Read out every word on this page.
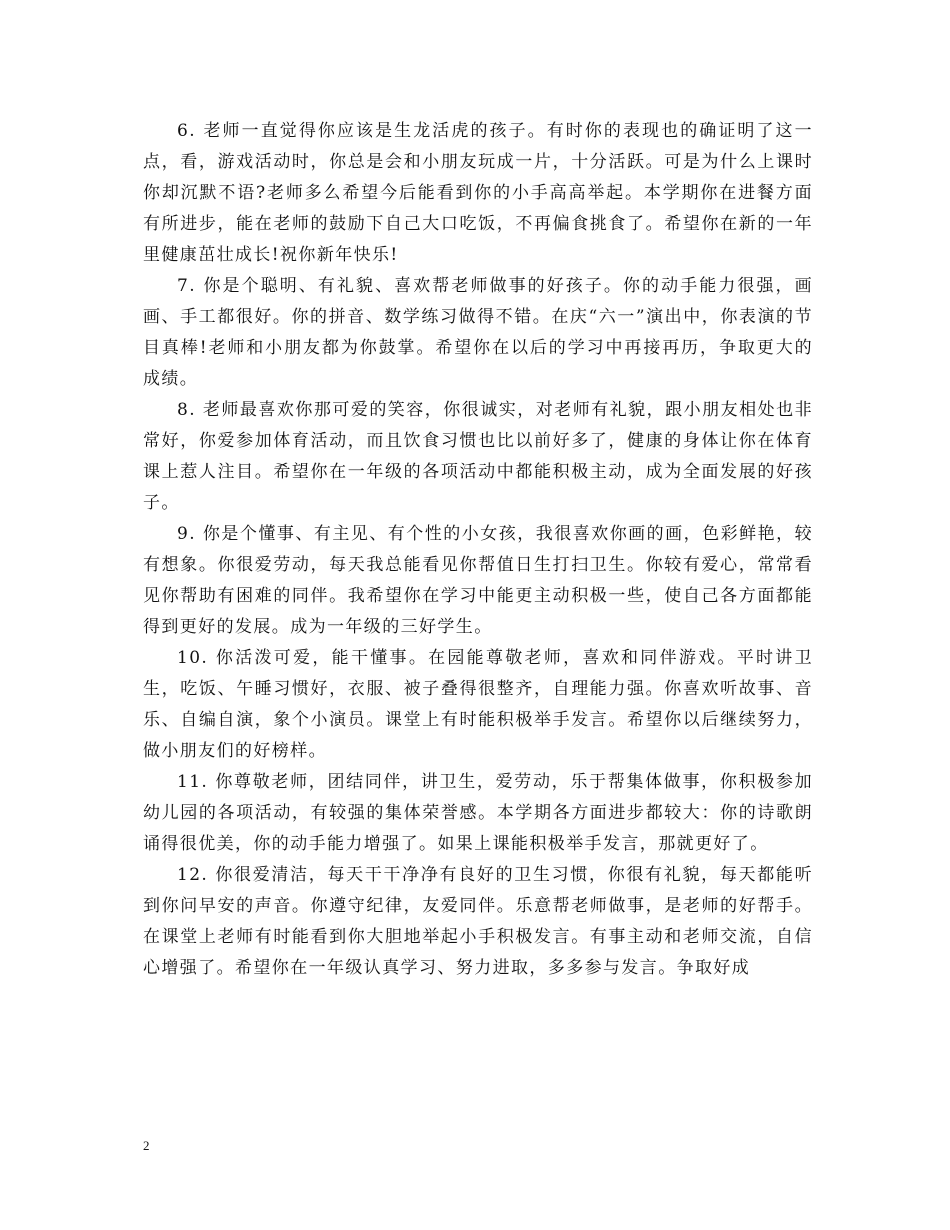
6. 老师一直觉得你应该是生龙活虎的孩子。有时你的表现也的确证明了这一点，看，游戏活动时，你总是会和小朋友玩成一片，十分活跃。可是为什么上课时你却沉默不语?老师多么希望今后能看到你的小手高高举起。本学期你在进餐方面有所进步，能在老师的鼓励下自己大口吃饭，不再偏食挑食了。希望你在新的一年里健康茁壮成长!祝你新年快乐!

7. 你是个聪明、有礼貌、喜欢帮老师做事的好孩子。你的动手能力很强，画画、手工都很好。你的拼音、数学练习做得不错。在庆“六一”演出中，你表演的节目真棒!老师和小朋友都为你鼓掌。希望你在以后的学习中再接再历，争取更大的成绩。

8. 老师最喜欢你那可爱的笑容，你很诚实，对老师有礼貌，跟小朋友相处也非常好，你爱参加体育活动，而且饮食习惯也比以前好多了，健康的身体让你在体育课上惹人注目。希望你在一年级的各项活动中都能积极主动，成为全面发展的好孩子。

9. 你是个懂事、有主见、有个性的小女孩，我很喜欢你画的画，色彩鲜艳，较有想象。你很爱劳动，每天我总能看见你帮值日生打扫卫生。你较有爱心，常常看见你帮助有困难的同伴。我希望你在学习中能更主动积极一些，使自己各方面都能得到更好的发展。成为一年级的三好学生。

10. 你活泼可爱，能干懂事。在园能尊敬老师，喜欢和同伴游戏。平时讲卫生，吃饭、午睡习惯好，衣服、被子叠得很整齐，自理能力强。你喜欢听故事、音乐、自编自演，象个小演员。课堂上有时能积极举手发言。希望你以后继续努力，做小朋友们的好榜样。

11. 你尊敬老师，团结同伴，讲卫生，爱劳动，乐于帮集体做事，你积极参加幼儿园的各项活动，有较强的集体荣誉感。本学期各方面进步都较大：你的诗歌朗诵得很优美，你的动手能力增强了。如果上课能积极举手发言，那就更好了。

12. 你很爱清洁，每天干干净净有良好的卫生习惯，你很有礼貌，每天都能听到你问早安的声音。你遵守纪律，友爱同伴。乐意帮老师做事，是老师的好帮手。在课堂上老师有时能看到你大胆地举起小手积极发言。有事主动和老师交流，自信心增强了。希望你在一年级认真学习、努力进取，多多参与发言。争取好成

2
